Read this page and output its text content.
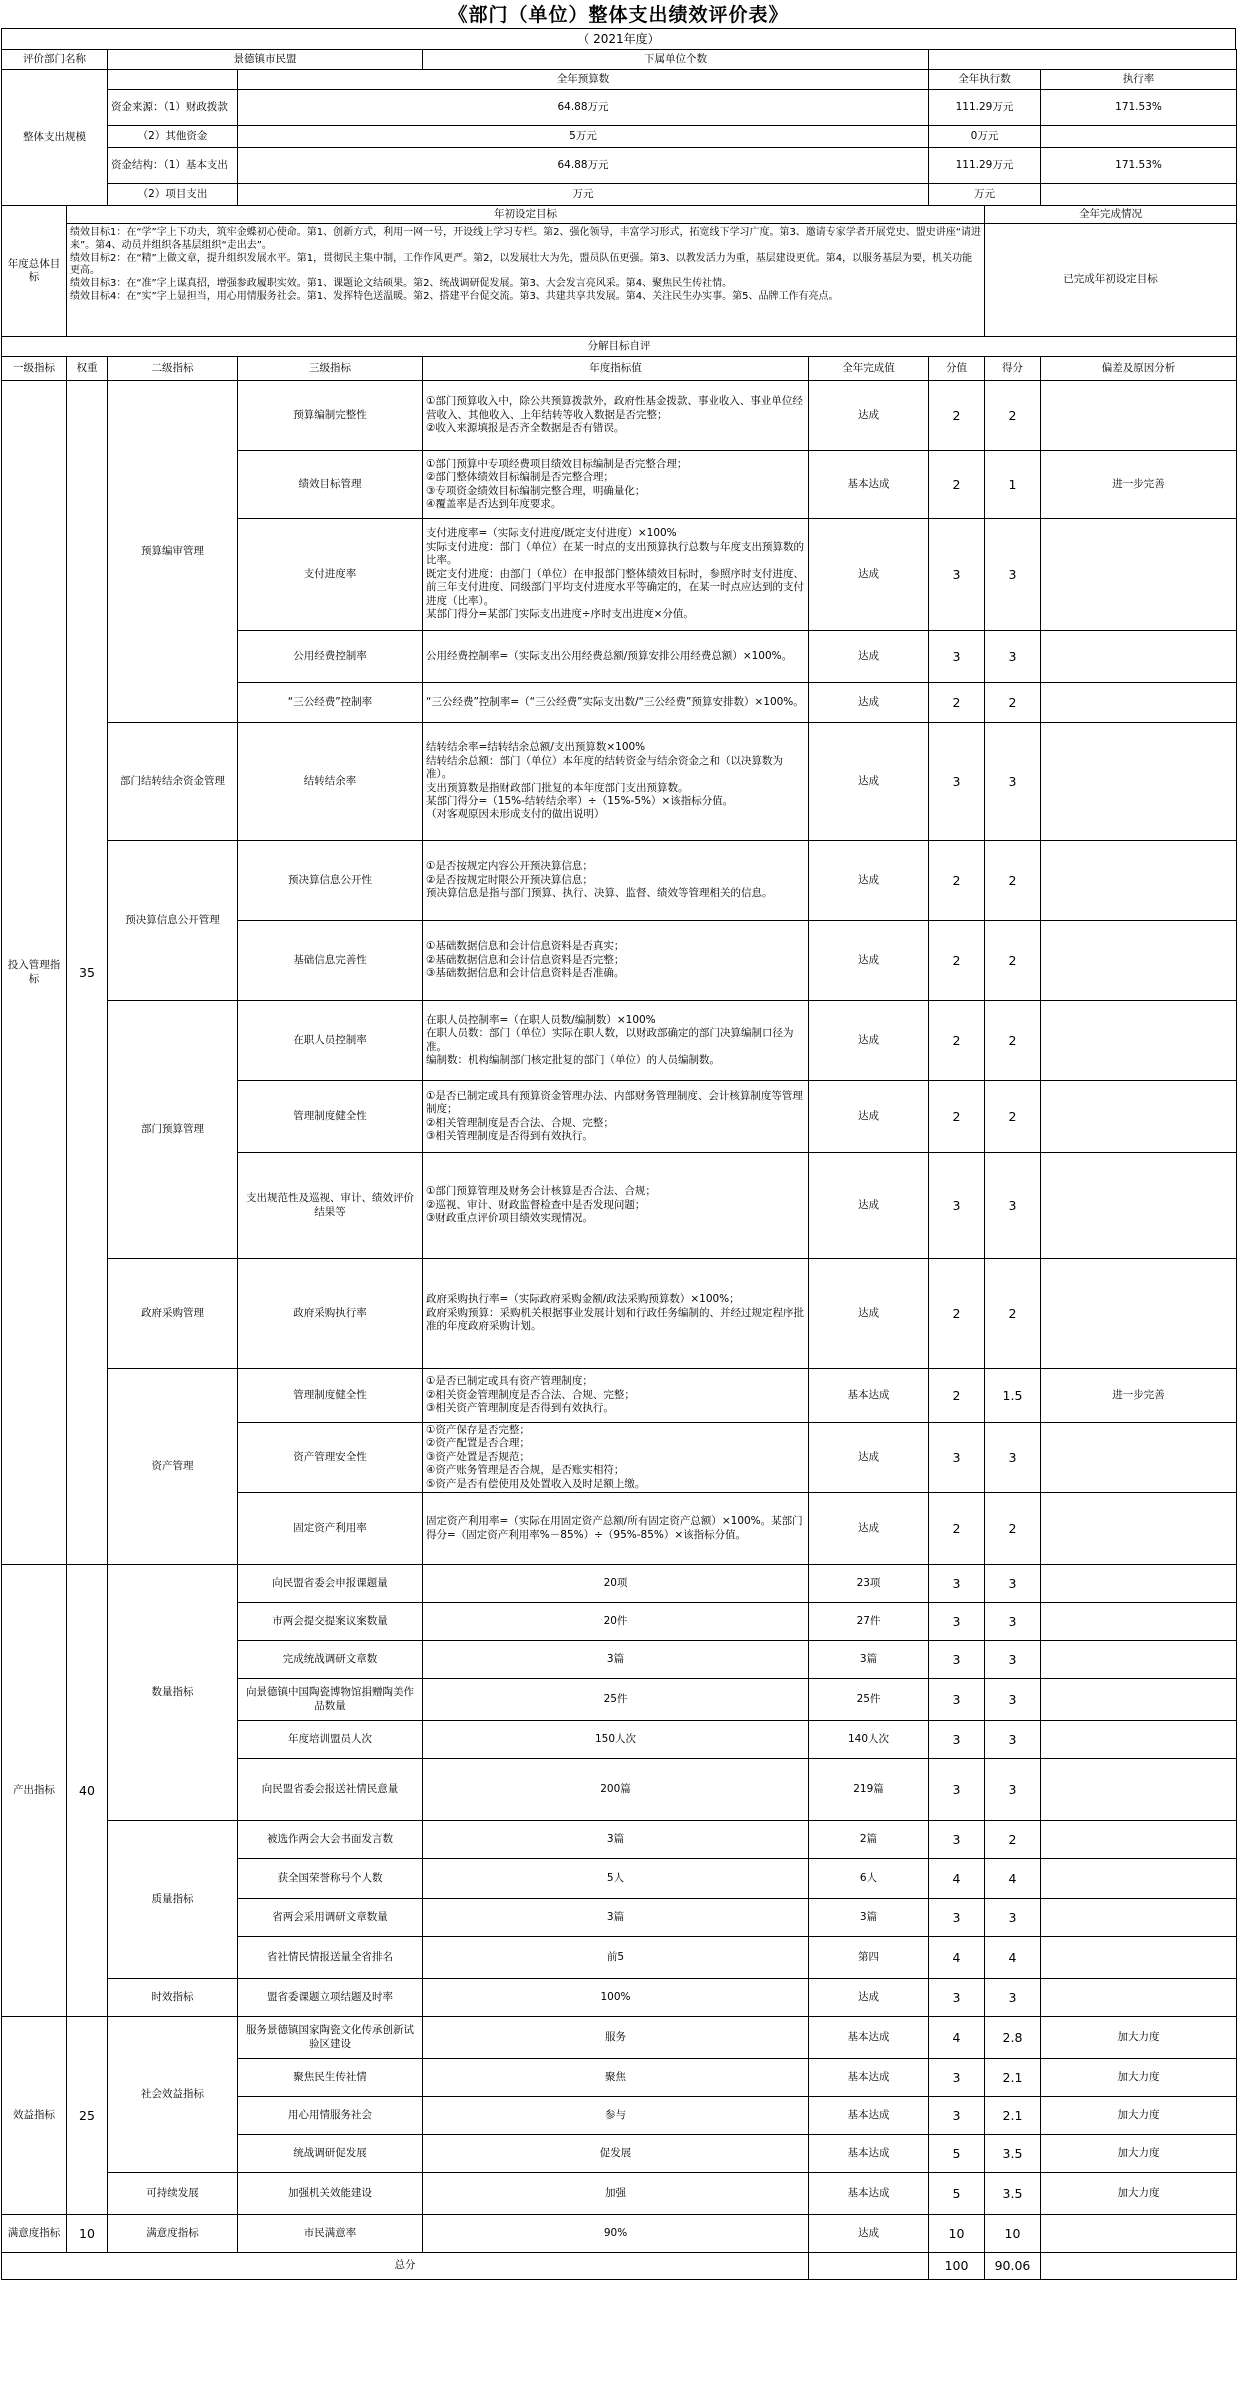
《部门（单位）整体支出绩效评价表》
（ 2021年度）
评价部门名称		景德镇市民盟		下属单位个数				
整体支出规模			全年预算数			全年执行数		执行率
		资金来源：（1）财政拨款	64.88万元			111.29万元		171.53%
		（2）其他资金	5万元			0万元		
		资金结构：（1）基本支出	64.88万元			111.29万元		171.53%
		（2）项目支出	万元			万元		
年度总体目标	年初设定目标						全年完成情况	

	绩效目标1：在“学”字上下功夫，筑牢金蝶初心使命。第1、创新方式，利用一网一号，开设线上学习专栏。第2、强化领导，丰富学习形式，拓宽线下学习广度。第3、邀请专家学者开展党史、盟史讲座“请进来”。第4、动员并组织各基层组织“走出去”。
绩效目标2：在“精”上做文章，提升组织发展水平。第1，贯彻民主集中制，工作作风更严。第2，以发展壮大为先，盟员队伍更强。第3、以教发活力为重，基层建设更优。第4，以服务基层为要，机关功能更高。
绩效目标3：在“准”字上谋真招，增强参政履职实效。第1、课题论文结硕果。第2、统战调研促发展。第3、大会发言亮风采。第4、聚焦民生传社情。
绩效目标4：在“实”字上显担当，用心用情服务社会。第1、发挥特色送温暖。第2、搭建平台促交流。第3、共建共享共发展。第4、关注民生办实事。第5、品牌工作有亮点。						已完成年初设定目标	
分解目标自评								
一级指标	权重	二级指标	三级指标	年度指标值	全年完成值	分值	得分	偏差及原因分析
投入管理指标	35	预算编审管理	预算编制完整性	①部门预算收入中，除公共预算拨款外，政府性基金拨款、事业收入、事业单位经营收入、其他收入、上年结转等收入数据是否完整；
②收入来源填报是否齐全数据是否有错误。	达成	2	2	
			绩效目标管理	①部门预算中专项经费项目绩效目标编制是否完整合理；
②部门整体绩效目标编制是否完整合理；
③专项资金绩效目标编制完整合理，明确量化；
④覆盖率是否达到年度要求。	基本达成	2	1	进一步完善
			支付进度率	支付进度率=（实际支付进度/既定支付进度）×100%
实际支付进度：部门（单位）在某一时点的支出预算执行总数与年度支出预算数的比率。
既定支付进度：由部门（单位）在申报部门整体绩效目标时，参照序时支付进度、前三年支付进度、同级部门平均支付进度水平等确定的，在某一时点应达到的支付进度（比率）。
某部门得分=某部门实际支出进度÷序时支出进度×分值。	达成	3	3	
			公用经费控制率	公用经费控制率=（实际支出公用经费总额/预算安排公用经费总额）×100%。	达成	3	3	
			“三公经费”控制率	“三公经费”控制率=（“三公经费”实际支出数/“三公经费”预算安排数）×100%。	达成	2	2	
		部门结转结余资金管理	结转结余率	结转结余率=结转结余总额/支出预算数×100%
结转结余总额：部门（单位）本年度的结转资金与结余资金之和（以决算数为准）。
支出预算数是指财政部门批复的本年度部门支出预算数。
某部门得分=（15%-结转结余率）÷（15%-5%）×该指标分值。
（对客观原因未形成支付的做出说明）	达成	3	3	
		预决算信息公开管理	预决算信息公开性	①是否按规定内容公开预决算信息；
②是否按规定时限公开预决算信息；
预决算信息是指与部门预算、执行、决算、监督、绩效等管理相关的信息。	达成	2	2	
			基础信息完善性	①基础数据信息和会计信息资料是否真实；
②基础数据信息和会计信息资料是否完整；
③基础数据信息和会计信息资料是否准确。	达成	2	2	
		部门预算管理	在职人员控制率	在职人员控制率=（在职人员数/编制数）×100%
在职人员数：部门（单位）实际在职人数，以财政部确定的部门决算编制口径为准。
编制数：机构编制部门核定批复的部门（单位）的人员编制数。	达成	2	2	
			管理制度健全性	①是否已制定或具有预算资金管理办法、内部财务管理制度、会计核算制度等管理制度；
②相关管理制度是否合法、合规、完整；
③相关管理制度是否得到有效执行。	达成	2	2	
			支出规范性及巡视、审计、绩效评价结果等	①部门预算管理及财务会计核算是否合法、合规；
②巡视、审计、财政监督检查中是否发现问题；
③财政重点评价项目绩效实现情况。	达成	3	3	
		政府采购管理	政府采购执行率	政府采购执行率=（实际政府采购金额/政法采购预算数）×100%；
政府采购预算：采购机关根据事业发展计划和行政任务编制的、并经过规定程序批准的年度政府采购计划。	达成	2	2	
		资产管理	管理制度健全性	①是否已制定或具有资产管理制度；
②相关资金管理制度是否合法、合规、完整；
③相关资产管理制度是否得到有效执行。	基本达成	2	1.5	进一步完善
			资产管理安全性	①资产保存是否完整；
②资产配置是否合理；
③资产处置是否规范；
④资产账务管理是否合规，是否账实相符；
⑤资产是否有偿使用及处置收入及时足额上缴。	达成	3	3	
			固定资产利用率	固定资产利用率=（实际在用固定资产总额/所有固定资产总额）×100%。某部门得分=（固定资产利用率%－85%）÷（95%-85%）×该指标分值。	达成	2	2	
产出指标	40	数量指标	向民盟省委会申报课题量	20项	23项	3	3	
			市两会提交提案议案数量	20件	27件	3	3	
			完成统战调研文章数	3篇	3篇	3	3	
			向景德镇中国陶瓷博物馆捐赠陶美作品数量	25件	25件	3	3	
			年度培训盟员人次	150人次	140人次	3	3	
			向民盟省委会报送社情民意量	200篇	219篇	3	3	
		质量指标	被选作两会大会书面发言数	3篇	2篇	3	2	
			获全国荣誉称号个人数	5人	6人	4	4	
			省两会采用调研文章数量	3篇	3篇	3	3	
			省社情民情报送量全省排名	前5	第四	4	4	
		时效指标	盟省委课题立项结题及时率	100%	达成	3	3	
效益指标	25	社会效益指标	服务景德镇国家陶瓷文化传承创新试验区建设	服务	基本达成	4	2.8	加大力度
			聚焦民生传社情	聚焦	基本达成	3	2.1	加大力度
			用心用情服务社会	参与	基本达成	3	2.1	加大力度
			统战调研促发展	促发展	基本达成	5	3.5	加大力度
		可持续发展	加强机关效能建设	加强	基本达成	5	3.5	加大力度
满意度指标	10	满意度指标	市民满意率	90%	达成	10	10	
总分						100	90.06	
